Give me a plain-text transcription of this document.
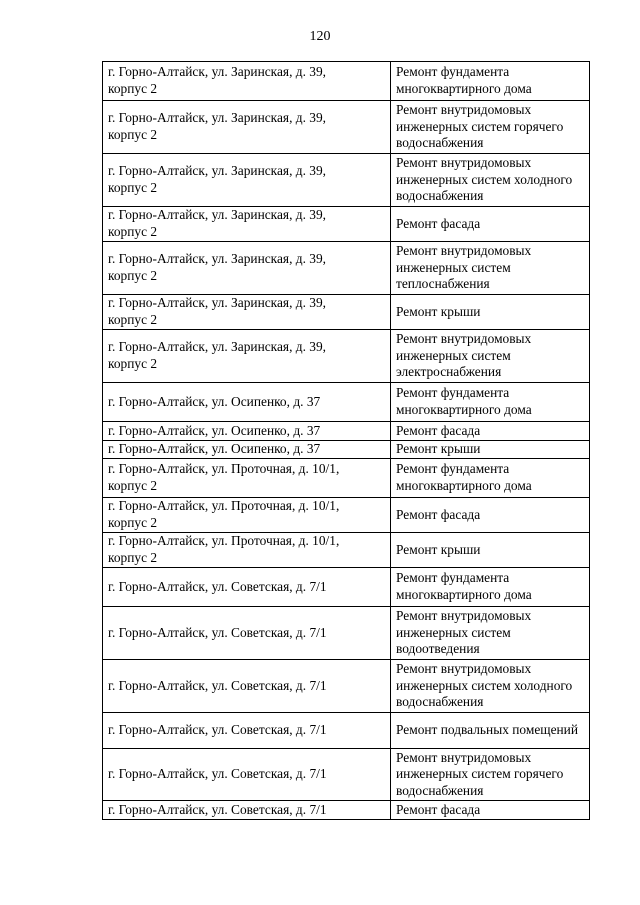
120
г. Горно-Алтайск, ул. Заринская, д. 39,
корпус 2	Ремонт фундамента многоквартирного дома
г. Горно-Алтайск, ул. Заринская, д. 39,
корпус 2	Ремонт внутридомовых инженерных систем горячего водоснабжения
г. Горно-Алтайск, ул. Заринская, д. 39,
корпус 2	Ремонт внутридомовых инженерных систем холодного водоснабжения
г. Горно-Алтайск, ул. Заринская, д. 39,
корпус 2	Ремонт фасада
г. Горно-Алтайск, ул. Заринская, д. 39,
корпус 2	Ремонт внутридомовых инженерных систем теплоснабжения
г. Горно-Алтайск, ул. Заринская, д. 39,
корпус 2	Ремонт крыши
г. Горно-Алтайск, ул. Заринская, д. 39,
корпус 2	Ремонт внутридомовых инженерных систем электроснабжения
г. Горно-Алтайск, ул. Осипенко, д. 37	Ремонт фундамента многоквартирного дома
г. Горно-Алтайск, ул. Осипенко, д. 37	Ремонт фасада
г. Горно-Алтайск, ул. Осипенко, д. 37	Ремонт крыши
г. Горно-Алтайск, ул. Проточная, д. 10/1,
корпус 2	Ремонт фундамента многоквартирного дома
г. Горно-Алтайск, ул. Проточная, д. 10/1,
корпус 2	Ремонт фасада
г. Горно-Алтайск, ул. Проточная, д. 10/1,
корпус 2	Ремонт крыши
г. Горно-Алтайск, ул. Советская, д. 7/1	Ремонт фундамента многоквартирного дома
г. Горно-Алтайск, ул. Советская, д. 7/1	Ремонт внутридомовых инженерных систем водоотведения
г. Горно-Алтайск, ул. Советская, д. 7/1	Ремонт внутридомовых инженерных систем холодного водоснабжения
г. Горно-Алтайск, ул. Советская, д. 7/1	Ремонт подвальных помещений
г. Горно-Алтайск, ул. Советская, д. 7/1	Ремонт внутридомовых инженерных систем горячего водоснабжения
г. Горно-Алтайск, ул. Советская, д. 7/1	Ремонт фасада
